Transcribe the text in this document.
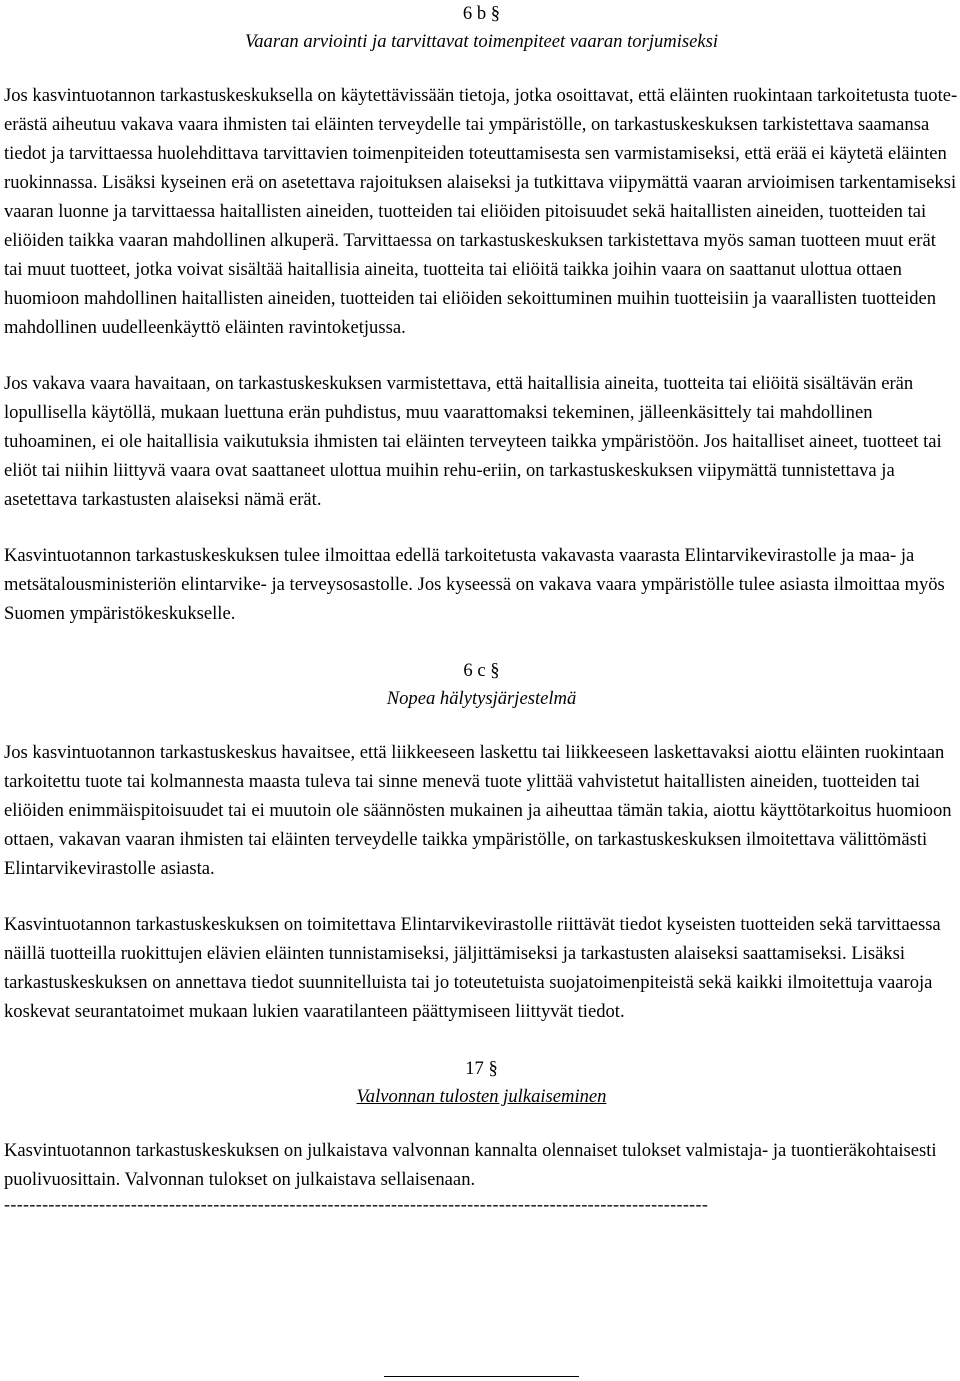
6 b §

Vaaran arviointi ja tarvittavat toimenpiteet vaaran torjumiseksi

Jos kasvintuotannon tarkastuskeskuksella on käytettävissään tietoja, jotka osoittavat, että eläinten ruokintaan tarkoitetusta tuote-erästä aiheutuu vakava vaara ihmisten tai eläinten terveydelle tai ympäristölle, on tarkastuskeskuksen tarkistettava saamansa tiedot ja tarvittaessa huolehdittava tarvittavien toimenpiteiden toteuttamisesta sen varmistamiseksi, että erää ei käytetä eläinten ruokinnassa. Lisäksi kyseinen erä on asetettava rajoituksen alaiseksi ja tutkittava viipymättä vaaran arvioimisen tarkentamiseksi vaaran luonne ja tarvittaessa haitallisten aineiden, tuotteiden tai eliöiden pitoisuudet sekä haitallisten aineiden, tuotteiden tai eliöiden taikka vaaran mahdollinen alkuperä. Tarvittaessa on tarkastuskeskuksen tarkistettava myös saman tuotteen muut erät tai muut tuotteet, jotka voivat sisältää haitallisia aineita, tuotteita tai eliöitä taikka joihin vaara on saattanut ulottua ottaen huomioon mahdollinen haitallisten aineiden, tuotteiden tai eliöiden sekoittuminen muihin tuotteisiin ja vaarallisten tuotteiden mahdollinen uudelleenkäyttö eläinten ravintoketjussa.

Jos vakava vaara havaitaan, on tarkastuskeskuksen varmistettava, että haitallisia aineita, tuotteita tai eliöitä sisältävän erän lopullisella käytöllä, mukaan luettuna erän puhdistus, muu vaarattomaksi tekeminen, jälleenkäsittely tai mahdollinen tuhoaminen, ei ole haitallisia vaikutuksia ihmisten tai eläinten terveyteen taikka ympäristöön. Jos haitalliset aineet, tuotteet tai eliöt tai niihin liittyvä vaara ovat saattaneet ulottua muihin rehu-eriin, on tarkastuskeskuksen viipymättä tunnistettava ja asetettava tarkastusten alaiseksi nämä erät.

Kasvintuotannon tarkastuskeskuksen tulee ilmoittaa edellä tarkoitetusta vakavasta vaarasta Elintarvikevirastolle ja maa- ja metsätalousministeriön elintarvike- ja terveysosastolle. Jos kyseessä on vakava vaara ympäristölle tulee asiasta ilmoittaa myös Suomen ympäristökeskukselle.

6 c §

Nopea hälytysjärjestelmä

Jos kasvintuotannon tarkastuskeskus havaitsee, että liikkeeseen laskettu tai liikkeeseen laskettavaksi aiottu eläinten ruokintaan tarkoitettu tuote tai kolmannesta maasta tuleva tai sinne menevä tuote ylittää vahvistetut haitallisten aineiden, tuotteiden tai eliöiden enimmäispitoisuudet tai ei muutoin ole säännösten mukainen ja aiheuttaa tämän takia, aiottu käyttötarkoitus huomioon ottaen, vakavan vaaran ihmisten tai eläinten terveydelle taikka ympäristölle, on tarkastuskeskuksen ilmoitettava välittömästi Elintarvikevirastolle asiasta.

Kasvintuotannon tarkastuskeskuksen on toimitettava Elintarvikevirastolle riittävät tiedot kyseisten tuotteiden sekä tarvittaessa näillä tuotteilla ruokittujen elävien eläinten tunnistamiseksi, jäljittämiseksi ja tarkastusten alaiseksi saattamiseksi. Lisäksi tarkastuskeskuksen on annettava tiedot suunnitelluista tai jo toteutetuista suojatoimenpiteistä sekä kaikki ilmoitettuja vaaroja koskevat seurantatoimet mukaan lukien vaaratilanteen päättymiseen liittyvät tiedot.

17 §

Valvonnan tulosten julkaiseminen

Kasvintuotannon tarkastuskeskuksen on julkaistava valvonnan kannalta olennaiset tulokset valmistaja- ja tuontieräkohtaisesti puolivuosittain. Valvonnan tulokset on julkaistava sellaisenaan.

---------------------------------------------------------------------------------------------------------------
